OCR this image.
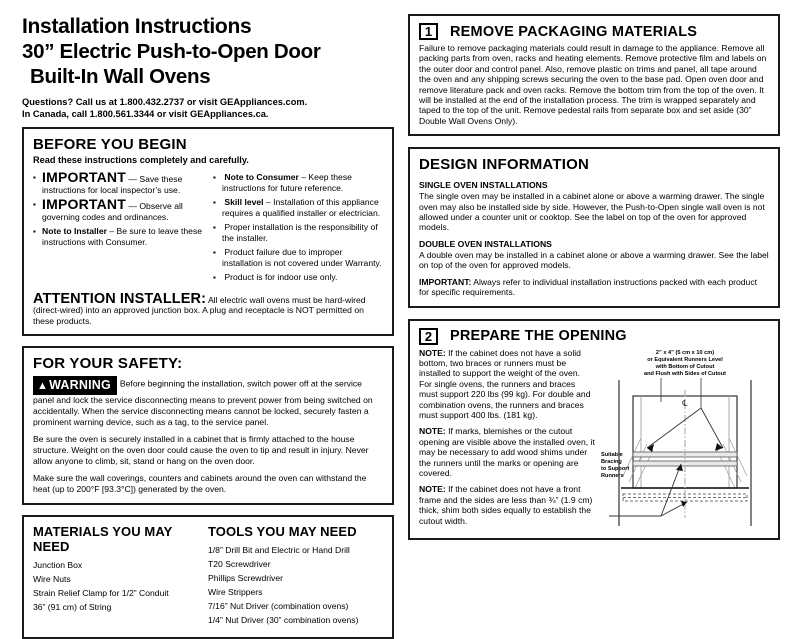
Installation Instructions
30” Electric Push-to-Open Door
Built-In Wall Ovens
Questions? Call us at 1.800.432.2737 or visit GEAppliances.com.
In Canada, call 1.800.561.3344 or visit GEAppliances.ca.
BEFORE YOU BEGIN
Read these instructions completely and carefully.
▪ IMPORTANT — Save these instructions for local inspector’s use.
▪ IMPORTANT — Observe all governing codes and ordinances.
▪ Note to Installer – Be sure to leave these instructions with Consumer.
▪ Note to Consumer – Keep these instructions for future reference.
▪ Skill level – Installation of this appliance requires a qualified installer or electrician.
▪ Proper installation is the responsibility of the installer.
▪ Product failure due to improper installation is not covered under Warranty.
▪ Product is for indoor use only.
ATTENTION INSTALLER: All electric wall ovens must be hard-wired (direct-wired) into an approved junction box. A plug and receptacle is NOT permitted on these products.
FOR YOUR SAFETY:
▲WARNING Before beginning the installation, switch power off at the service panel and lock the service disconnecting means to prevent power from being switched on accidentally. When the service disconnecting means cannot be locked, securely fasten a prominent warning device, such as a tag, to the service panel.
Be sure the oven is securely installed in a cabinet that is firmly attached to the house structure. Weight on the oven door could cause the oven to tip and result in injury. Never allow anyone to climb, sit, stand or hang on the oven door.
Make sure the wall coverings, counters and cabinets around the oven can withstand the heat (up to 200°F [93.3°C]) generated by the oven.
MATERIALS YOU MAY NEED
Junction Box
Wire Nuts
Strain Relief Clamp for 1/2” Conduit
36” (91 cm) of String
TOOLS YOU MAY NEED
1/8” Drill Bit and Electric or Hand Drill
T20 Screwdriver
Phillips Screwdriver
Wire Strippers
7/16” Nut Driver (combination ovens)
1/4” Nut Driver (30” combination ovens)
1	REMOVE PACKAGING MATERIALS

Failure to remove packaging materials could result in damage to the appliance. Remove all packing parts from oven, racks and heating elements. Remove protective film and labels on the outer door and control panel. Also, remove plastic on trims and panel, all tape around the oven and any shipping screws securing the oven to the base pad. Open oven door and remove literature pack and oven racks. Remove the bottom trim from the top of the oven. It will be installed at the end of the installation process. The trim is wrapped separately and taped to the top of the unit. Remove pedestal rails from separate box and set aside (30” Double Wall Ovens Only).

DESIGN INFORMATION
SINGLE OVEN INSTALLATIONS

The single oven may be installed in a cabinet alone or above a warming drawer. The single oven may also be installed side by side. However, the Push-to-Open single wall oven is not allowed under a counter unit or cooktop. See the label on top of the oven for approved models.

DOUBLE OVEN INSTALLATIONS

A double oven may be installed in a cabinet alone or above a warming drawer. See the label on top of the oven for approved models.

IMPORTANT: Always refer to individual installation instructions packed with each product for specific requirements.

2	PREPARE THE OPENING

NOTE: If the cabinet does not have a solid bottom, two braces or runners must be installed to support the weight of the oven. For single ovens, the runners and braces must support 220 lbs (99 kg). For double and combination ovens, the runners and braces must support 400 lbs. (181 kg).

NOTE: If marks, blemishes or the cutout opening are visible above the installed oven, it may be necessary to add wood shims under the runners until the marks or opening are covered.

NOTE: If the cabinet does not have a front frame and the sides are less than ¾” (1.9 cm) thick, shim both sides equally to establish the cutout width.

2” x 4” (5 cm x 10 cm)
or Equivalent Runners Level
with Bottom of Cutout
and Flush with Sides of Cutout
℄
Suitable
Bracing
to Support
Runners
